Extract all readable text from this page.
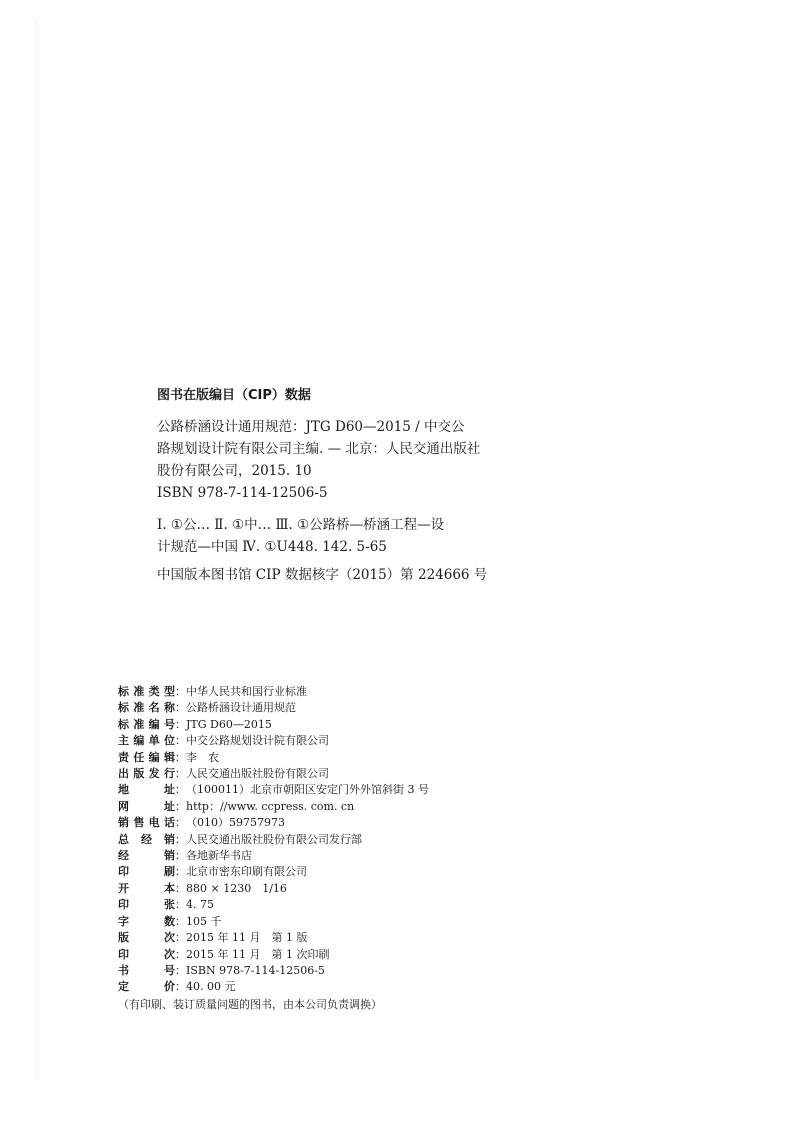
图书在版编目（CIP）数据

公路桥涵设计通用规范：JTG D60—2015 / 中交公
路规划设计院有限公司主编. — 北京：人民交通出版社
股份有限公司，2015. 10
ISBN 978-7-114-12506-5

Ⅰ. ①公… Ⅱ. ①中… Ⅲ. ①公路桥—桥涵工程—设
计规范—中国 Ⅳ. ①U448. 142. 5-65

中国版本图书馆 CIP 数据核字（2015）第 224666 号

标准类型 ： 中华人民共和国行业标准
标准名称 ： 公路桥涵设计通用规范
标准编号 ： JTG D60—2015
主编单位 ： 中交公路规划设计院有限公司
责任编辑 ： 李　农
出版发行 ： 人民交通出版社股份有限公司
地址 ： （100011）北京市朝阳区安定门外外馆斜街 3 号
网址 ： http：//www. ccpress. com. cn
销售电话 ： （010）59757973
总经销 ： 人民交通出版社股份有限公司发行部
经销 ： 各地新华书店
印刷 ： 北京市密东印刷有限公司
开本 ： 880 × 1230　1/16
印张 ： 4. 75
字数 ： 105 千
版次 ： 2015 年 11 月　第 1 版
印次 ： 2015 年 11 月　第 1 次印刷
书号 ： ISBN 978-7-114-12506-5
定价 ： 40. 00 元
（有印刷、装订质量问题的图书，由本公司负责调换）
